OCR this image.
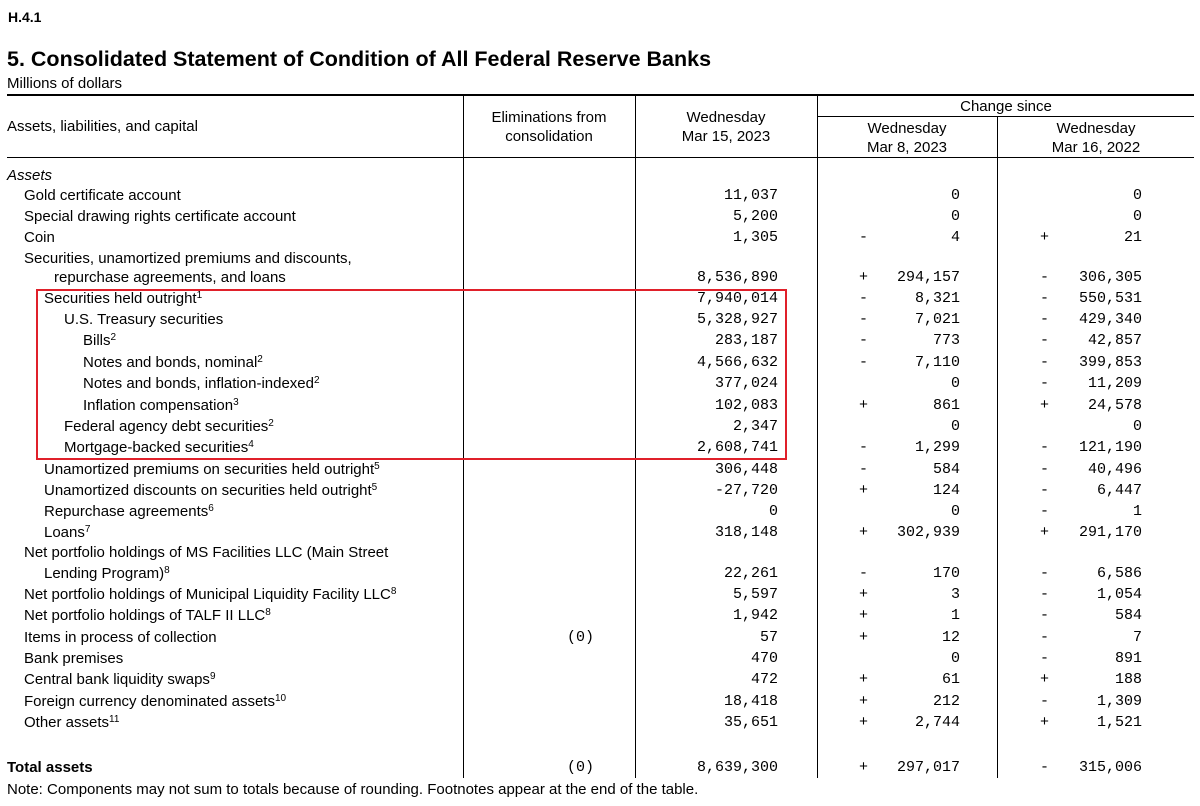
H.4.1
5. Consolidated Statement of Condition of All Federal Reserve Banks
Millions of dollars
Assets, liabilities, and capital
Eliminations from
consolidation
Wednesday
Mar 15, 2023
Change since
Wednesday
Mar 8, 2023
Wednesday
Mar 16, 2022
Assets
Gold certificate account	11,037	0	0
Special drawing rights certificate account	5,200	0	0
Coin	1,305	-	4	+	21
Securities, unamortized premiums and discounts,
repurchase agreements, and loans	8,536,890	+	294,157	-	306,305
Securities held outright$^1$	7,940,014	-	8,321	-	550,531
U.S. Treasury securities	5,328,927	-	7,021	-	429,340
Bills$^2$	283,187	-	773	-	42,857
Notes and bonds, nominal$^2$	4,566,632	-	7,110	-	399,853
Notes and bonds, inflation-indexed$^2$	377,024	0	-	11,209
Inflation compensation$^3$	102,083	+	861	+	24,578
Federal agency debt securities$^2$	2,347	0	0
Mortgage-backed securities$^4$	2,608,741	-	1,299	-	121,190
Unamortized premiums on securities held outright$^5$	306,448	-	584	-	40,496
Unamortized discounts on securities held outright$^5$	-27,720	+	124	-	6,447
Repurchase agreements$^6$	0	0	-	1
Loans$^7$	318,148	+	302,939	+	291,170
Net portfolio holdings of MS Facilities LLC (Main Street
Lending Program)$^8$	22,261	-	170	-	6,586
Net portfolio holdings of Municipal Liquidity Facility LLC$^8$	5,597	+	3	-	1,054
Net portfolio holdings of TALF II LLC$^8$	1,942	+	1	-	584
Items in process of collection	(0)	57	+	12	-	7
Bank premises	470	0	-	891
Central bank liquidity swaps$^9$	472	+	61	+	188
Foreign currency denominated assets$^{10}$	18,418	+	212	-	1,309
Other assets$^{11}$	35,651	+	2,744	+	1,521
Total assets	(0)	8,639,300	+	297,017	-	315,006
Note: Components may not sum to totals because of rounding. Footnotes appear at the end of the table.
